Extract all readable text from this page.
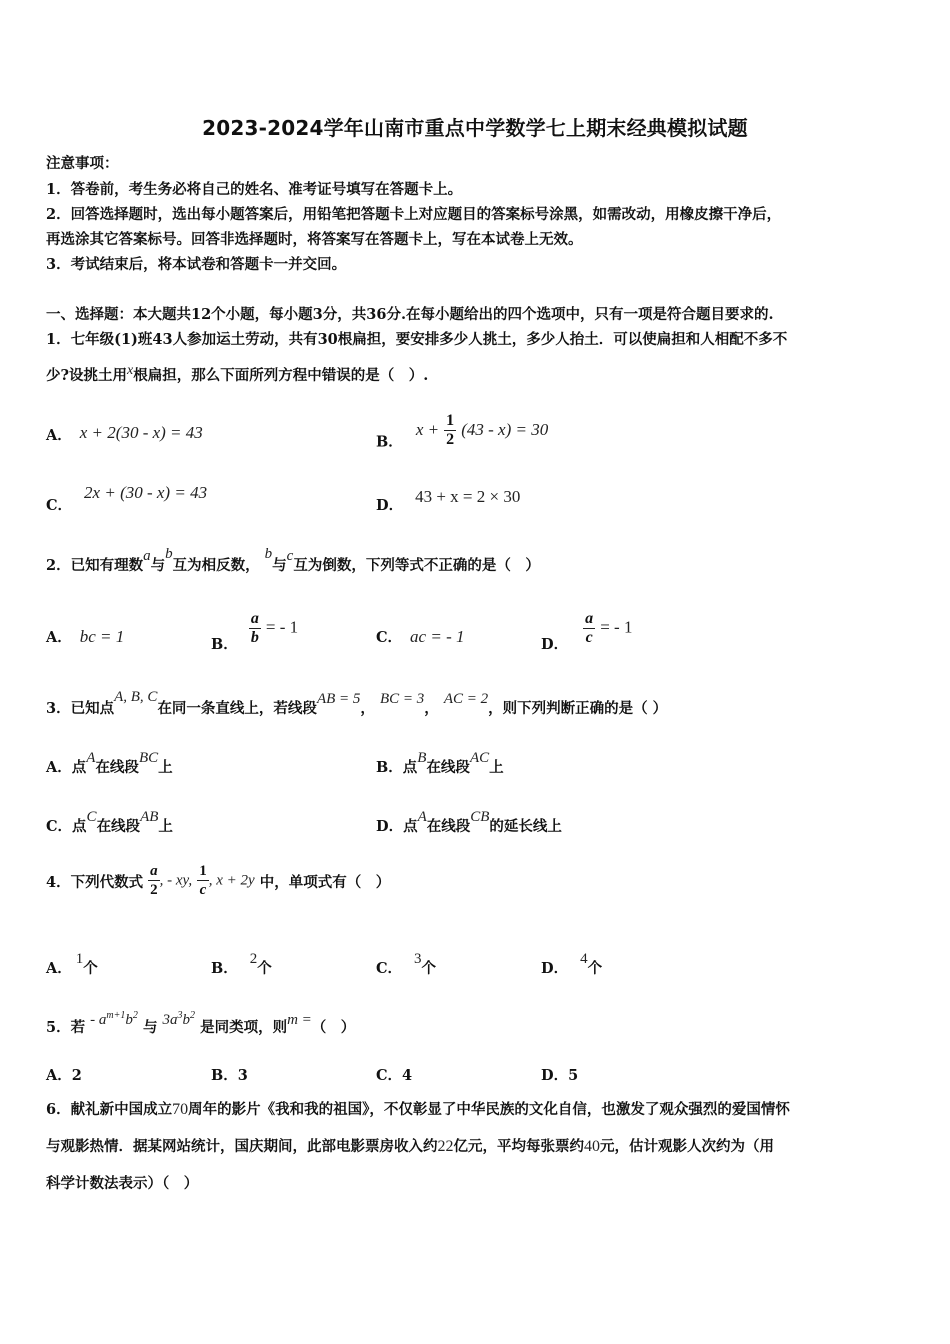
2023-2024学年山南市重点中学数学七上期末经典模拟试题
注意事项：
1．答卷前，考生务必将自己的姓名、准考证号填写在答题卡上。
2．回答选择题时，选出每小题答案后，用铅笔把答题卡上对应题目的答案标号涂黑，如需改动，用橡皮擦干净后，
再选涂其它答案标号。回答非选择题时，将答案写在答题卡上，写在本试卷上无效。
3．考试结束后，将本试卷和答题卡一并交回。
一、选择题：本大题共12个小题，每小题3分，共36分.在每小题给出的四个选项中，只有一项是符合题目要求的.
1．七年级(1)班43人参加运土劳动，共有30根扁担，要安排多少人挑土，多少人抬土．可以使扁担和人相配不多不
少?设挑土用x根扁担，那么下面所列方程中错误的是（　）.
A． x + 2(30 - x) = 43	B． $x + \frac{1}{2} (43 - x) = 30$
C．2x + (30 - x) = 43
D． 43 + x = 2 × 30
2．已知有理数a与b互为相反数， b与c互为倒数，下列等式不正确的是（　）
A． bc = 1	B． $\frac{a}{b}$ = - 1
C． ac = - 1	D． $\frac{a}{c}$ = - 1
3．已知点A, B, C在同一条直线上，若线段AB = 5， BC = 3， AC = 2，则下列判断正确的是（ ）
A．点A在线段BC上	B．点B在线段AC上
C．点C在线段AB上	D．点A在线段CB的延长线上
4．下列代数式 $\frac{a}{2}$ , - xy, $\frac{1}{c}$ , x + 2y 中，单项式有（　）
A．1个	B．2个	C．3个	D．4个
5．若 - $a^{m+1}b^2$ 与 $3a^3b^2$ 是同类项，则m =（　）
A．2	B．3	C．4	D．5
6．献礼新中国成立70周年的影片《我和我的祖国》，不仅彰显了中华民族的文化自信，也激发了观众强烈的爱国情怀
与观影热情．据某网站统计，国庆期间，此部电影票房收入约22亿元，平均每张票约40元，估计观影人次约为（用
科学计数法表示）（　）
